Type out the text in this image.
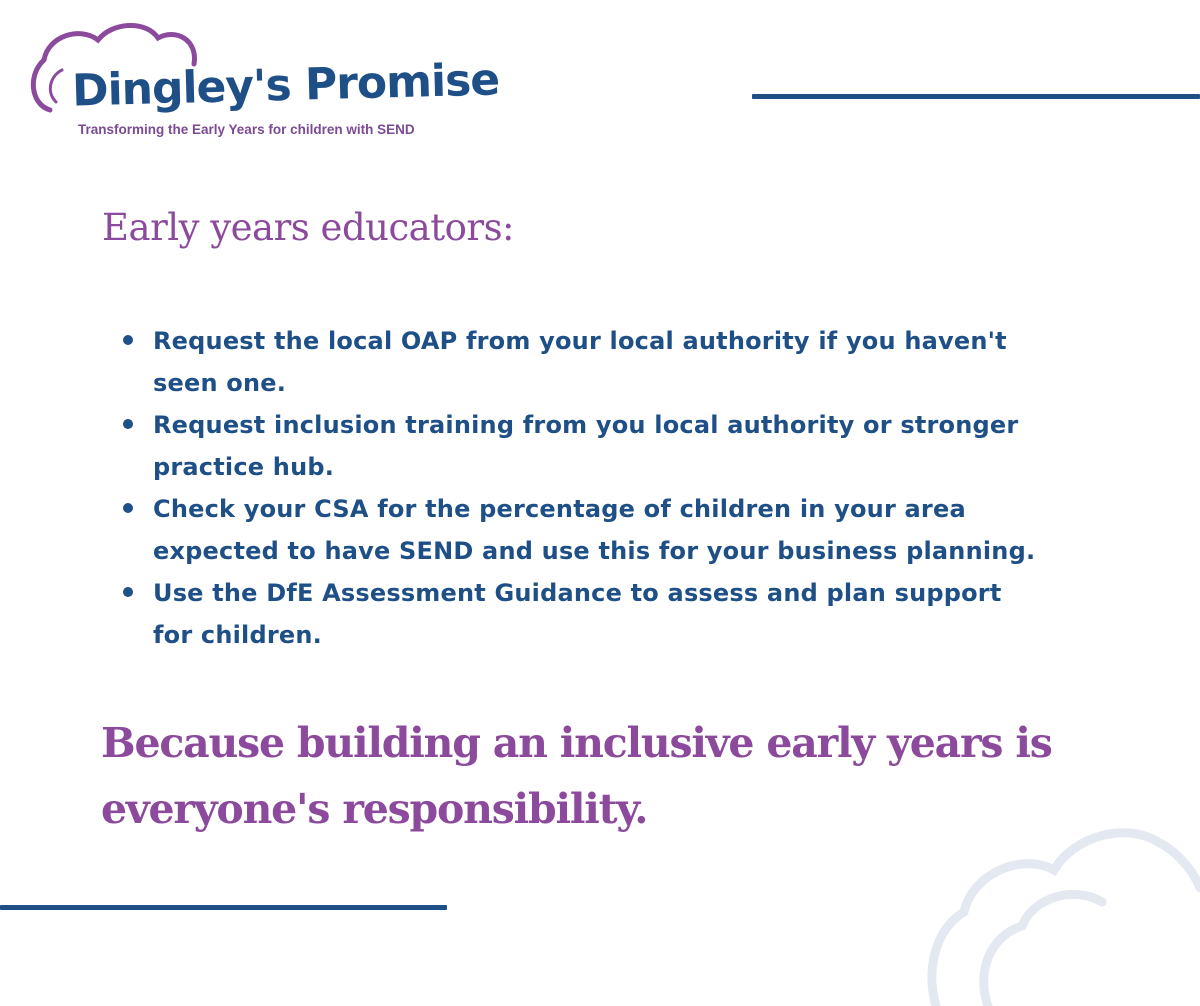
Dingley's Promise

Transforming the Early Years for children with SEND

Early years educators:
Request the local OAP from your local authority if you haven't
seen one.
Request inclusion training from you local authority or stronger
practice hub.
Check your CSA for the percentage of children in your area
expected to have SEND and use this for your business planning.
Use the DfE Assessment Guidance to assess and plan support
for children.

Because building an inclusive early years is
everyone's responsibility.
